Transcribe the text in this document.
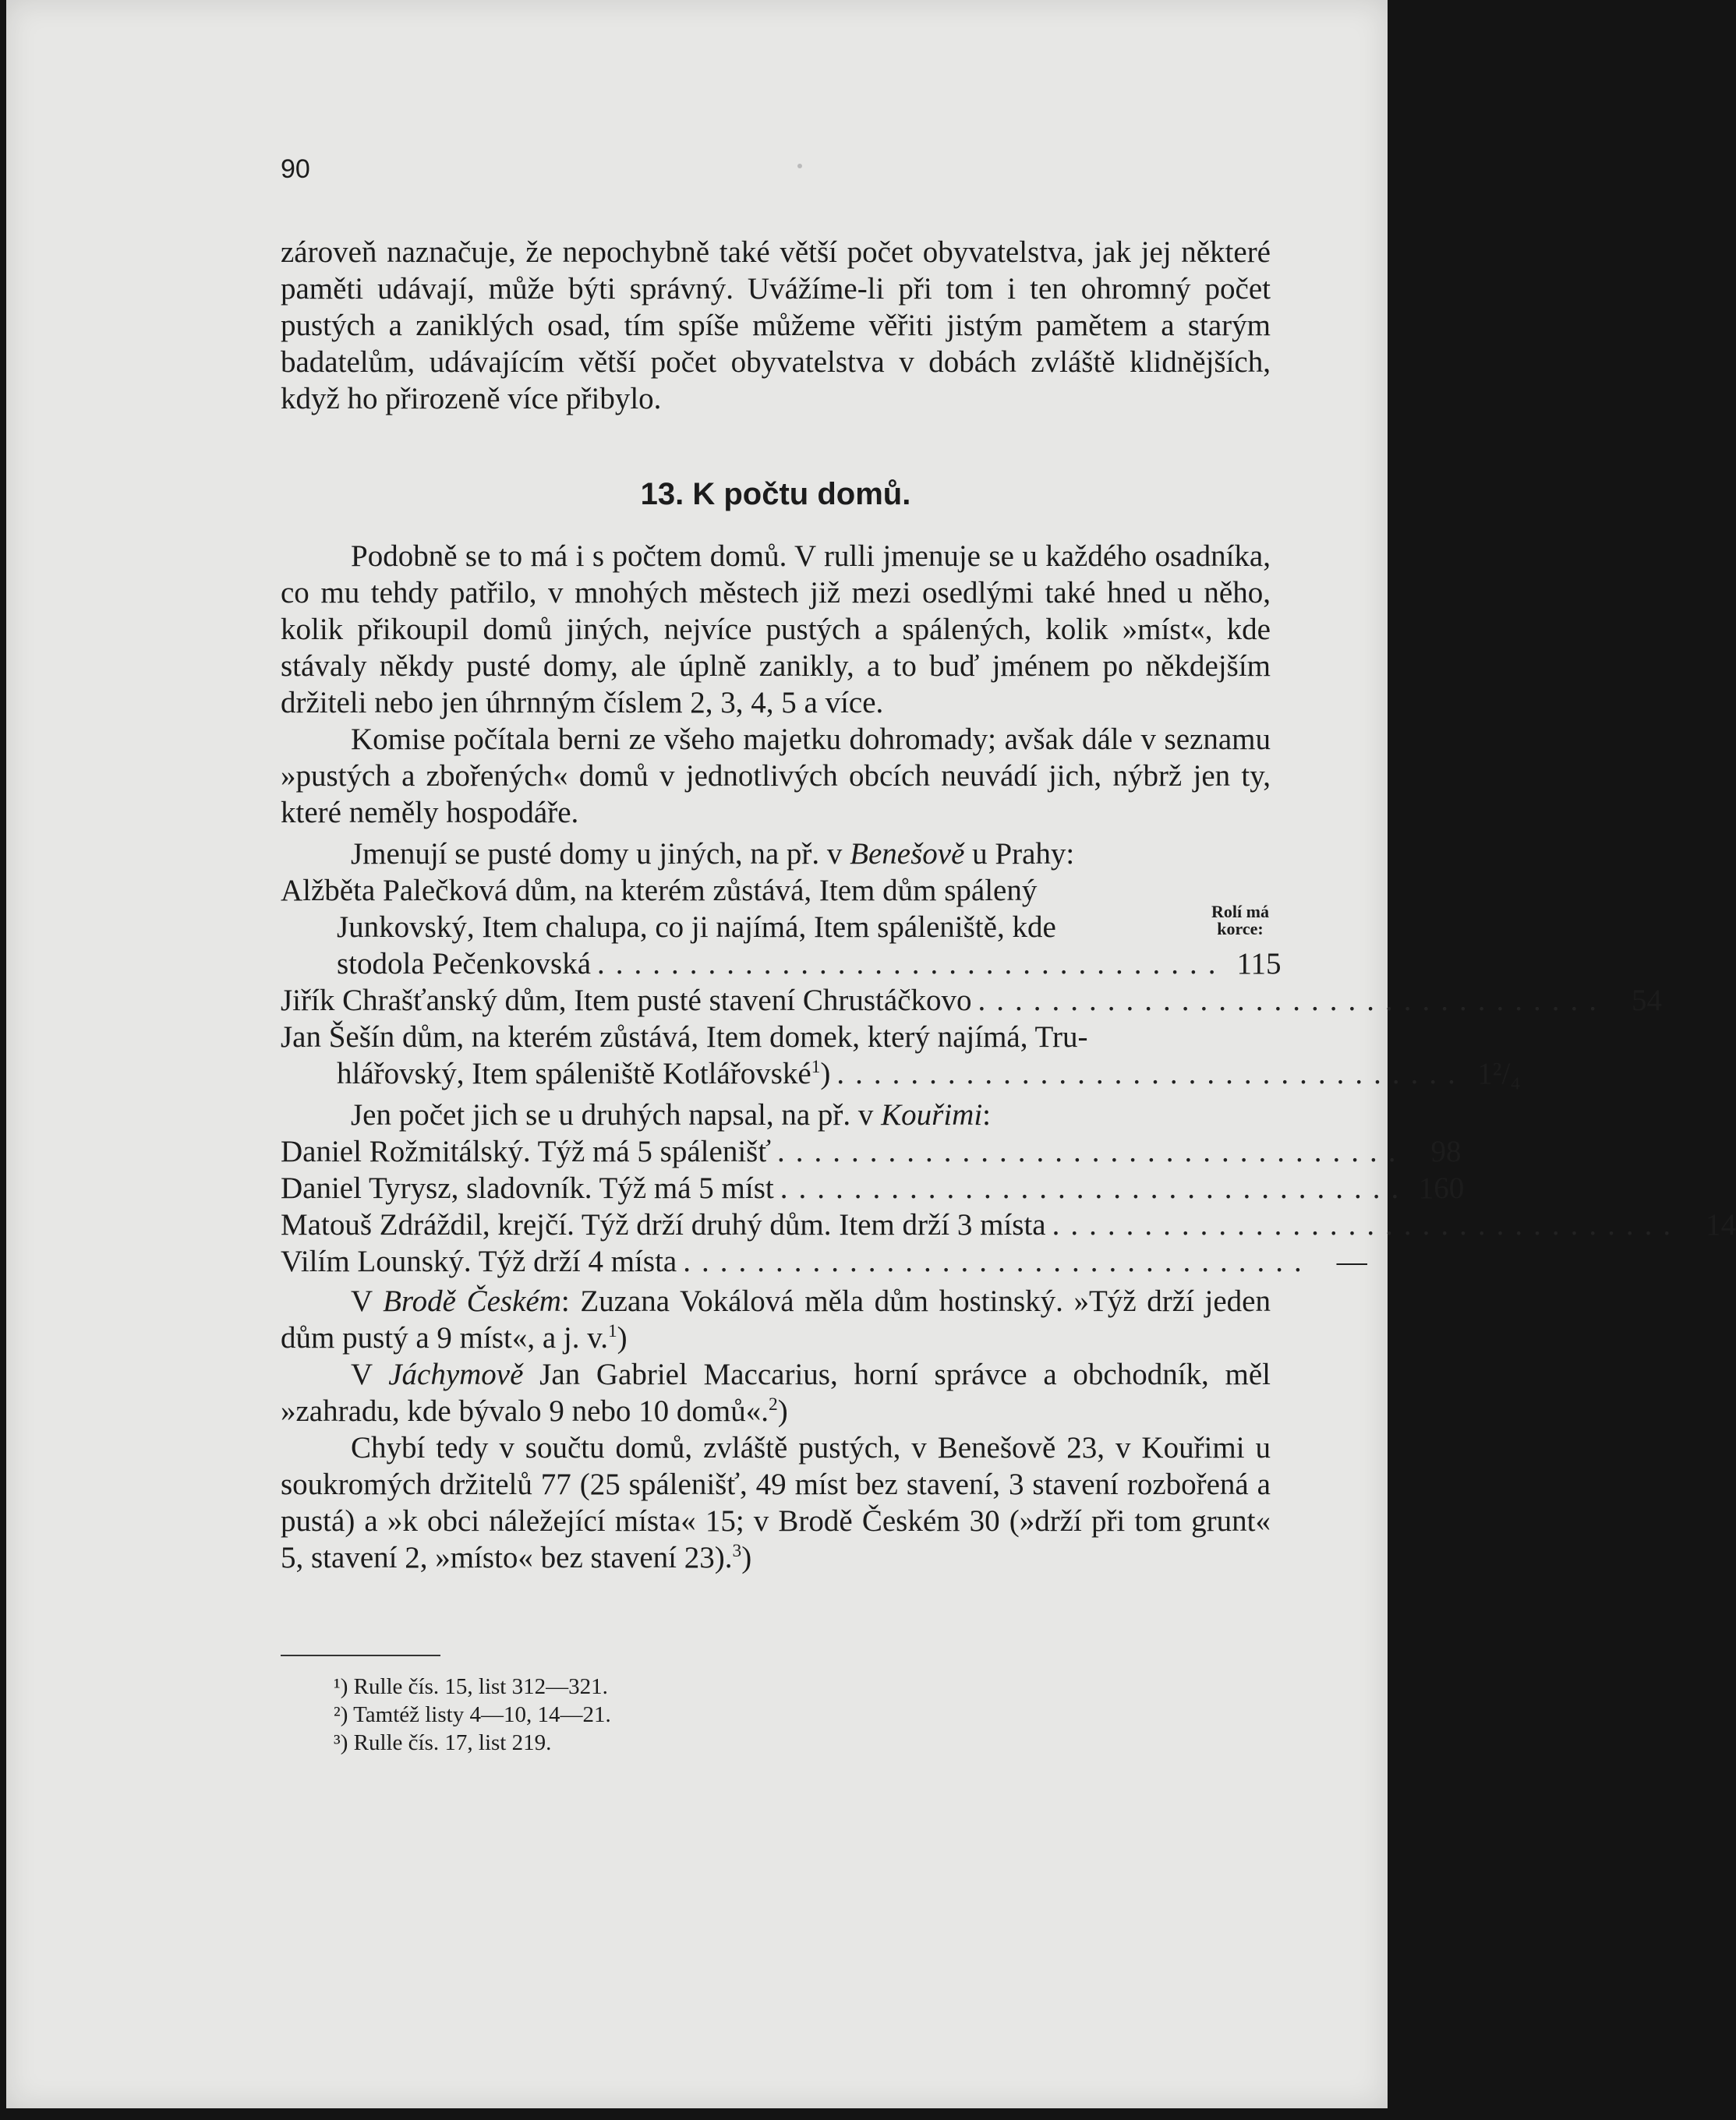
90

zároveň naznačuje, že nepochybně také větší počet obyvatelstva, jak jej některé paměti udávají, může býti správný. Uvážíme-li při tom i ten ohromný počet pustých a zaniklých osad, tím spíše můžeme věřiti jistým pamětem a starým badatelům, udávajícím větší počet obyvatelstva v dobách zvláště klidnějších, když ho přirozeně více přibylo.

13. K počtu domů.

Podobně se to má i s počtem domů. V rulli jmenuje se u každého osadníka, co mu tehdy patřilo, v mnohých městech již mezi osedlými také hned u něho, kolik přikoupil domů jiných, nejvíce pustých a spálených, kolik »míst«, kde stávaly někdy pusté domy, ale úplně zanikly, a to buď jménem po někdejším držiteli nebo jen úhrnným číslem 2, 3, 4, 5 a více.

Komise počítala berni ze všeho majetku dohromady; avšak dále v seznamu »pustých a zbořených« domů v jednotlivých obcích neuvádí jich, nýbrž jen ty, které neměly hospodáře.

Jmenují se pusté domy u jiných, na př. v Benešově u Prahy:

Alžběta Palečková dům, na kterém zůstává, Item dům spálený
Junkovský, Item chalupa, co ji najímá, Item spáleniště, kde
stodola Pečenkovská .................................. 115
Jiřík Chrašťanský dům, Item pusté stavení Chrustáčkovo .................................. 54
Jan Šešín dům, na kterém zůstává, Item domek, který najímá, Tru-
hlářovský, Item spáleniště Kotlářovské$^1$) .................................. 1²/₄
Rolí má
korce:

Jen počet jich se u druhých napsal, na př. v Kouřimi:

Daniel Rožmitálský. Týž má 5 spálenišť .................................. 98
Daniel Tyrysz, sladovník. Týž má 5 míst .................................. 160
Matouš Zdráždil, krejčí. Týž drží druhý dům. Item drží 3 místa .................................. 14
Vilím Lounský. Týž drží 4 místa .................................. —

V Brodě Českém: Zuzana Vokálová měla dům hostinský. »Týž drží jeden dům pustý a 9 míst«, a j. v.$^1$)

V Jáchymově Jan Gabriel Maccarius, horní správce a obchodník, měl »zahradu, kde bývalo 9 nebo 10 domů«.$^2$)

Chybí tedy v součtu domů, zvláště pustých, v Benešově 23, v Kouřimi u soukromých držitelů 77 (25 spálenišť, 49 míst bez stavení, 3 stavení rozbořená a pustá) a »k obci náležející místa« 15; v Brodě Českém 30 (»drží při tom grunt« 5, stavení 2, »místo« bez stavení 23).$^3$)

¹) Rulle čís. 15, list 312—321.
²) Tamtéž listy 4—10, 14—21.
³) Rulle čís. 17, list 219.
